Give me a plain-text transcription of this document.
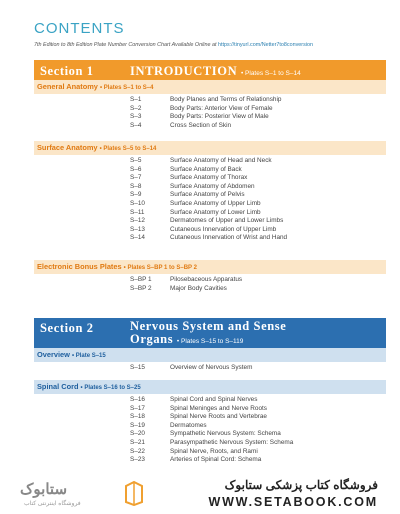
CONTENTS
7th Edition to 8th Edition Plate Number Conversion Chart Available Online at https://tinyurl.com/Netter7to8conversion
Section 1	INTRODUCTION • Plates S–1 to S–14
General Anatomy • Plates S–1 to S–4
S–1	Body Planes and Terms of Relationship
S–2	Body Parts: Anterior View of Female
S–3	Body Parts: Posterior View of Male
S–4	Cross Section of Skin
Surface Anatomy • Plates S–5 to S–14
S–5	Surface Anatomy of Head and Neck
S–6	Surface Anatomy of Back
S–7	Surface Anatomy of Thorax
S–8	Surface Anatomy of Abdomen
S–9	Surface Anatomy of Pelvis
S–10	Surface Anatomy of Upper Limb
S–11	Surface Anatomy of Lower Limb
S–12	Dermatomes of Upper and Lower Limbs
S–13	Cutaneous Innervation of Upper Limb
S–14	Cutaneous Innervation of Wrist and Hand
Electronic Bonus Plates • Plates S–BP 1 to S–BP 2
S–BP 1	Pilosebaceous Apparatus
S–BP 2	Major Body Cavities
Section 2	Nervous System and Sense
Organs • Plates S–15 to S–119
Overview • Plate S–15
S–15	Overview of Nervous System
Spinal Cord • Plates S–16 to S–25
S–16	Spinal Cord and Spinal Nerves
S–17	Spinal Meninges and Nerve Roots
S–18	Spinal Nerve Roots and Vertebrae
S–19	Dermatomes
S–20	Sympathetic Nervous System: Schema
S–21	Parasympathetic Nervous System: Schema
S–22	Spinal Nerve, Roots, and Rami
S–23	Arteries of Spinal Cord: Schema
ستابوک
فروشگاه اینترنتی کتاب
فروشگاه کتاب پزشکی ستابوک
WWW.SETABOOK.COM
